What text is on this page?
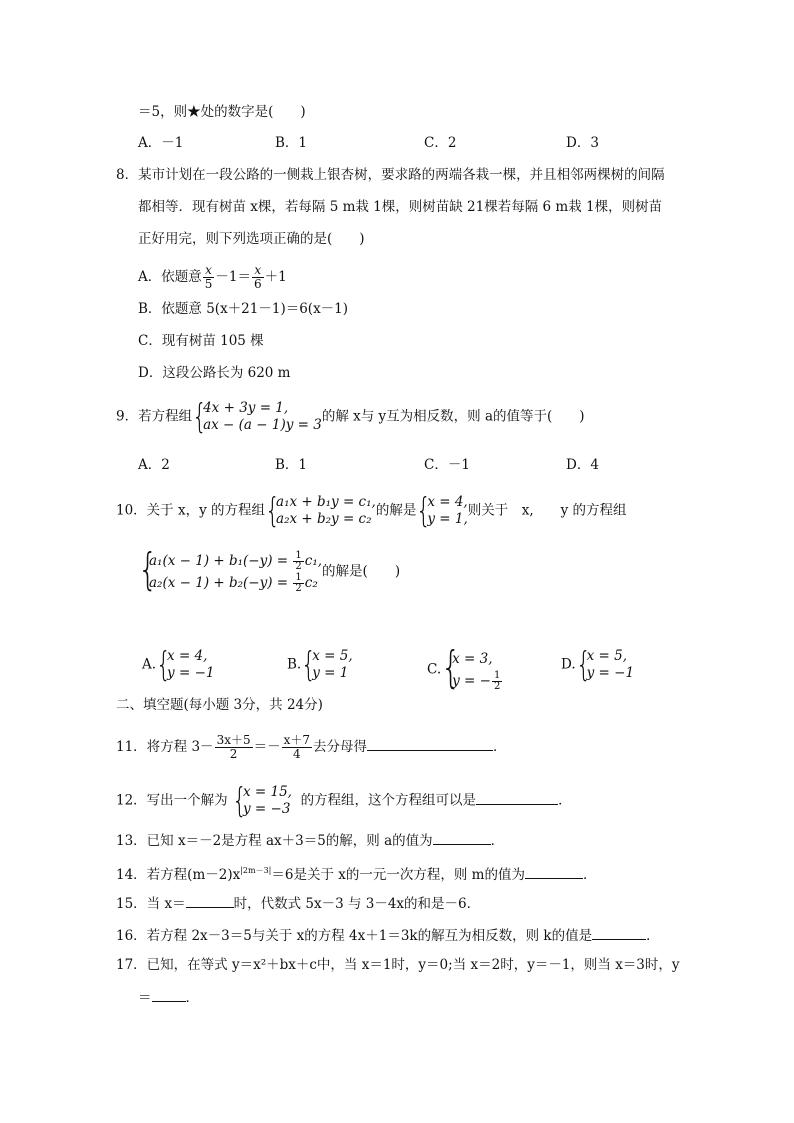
＝5，则★处的数字是(　　)
A．－1	B．1	C．2	D．3
8．某市计划在一段公路的一侧栽上银杏树，要求路的两端各栽一棵，并且相邻两棵树的间隔
都相等．现有树苗 x棵，若每隔 5 m栽 1棵，则树苗缺 21棵若每隔 6 m栽 1棵，则树苗
正好用完，则下列选项正确的是(　　)
A．依题意 $\frac{x}{5} -1= \frac{x}{6} +1$
B．依题意 5(x＋21－1)＝6(x－1)
C．现有树苗 105 棵
D．这段公路长为 620 m
9．若方程组 {
4x + 3y = 1,
ax − (a − 1)y = 3
的解 x与 y互为相反数，则 a的值等于(　　)
A．2	B．1	C．－1	D．4
10．关于 x，y 的方程组 {
a₁x + b₁y = c₁,
a₂x + b₂y = c₂
的解是 {
x = 4,
y = 1,
则关于　x,　　y 的方程组
{
$a_1(x - 1) + b_1(-y) = \frac{1}{2} c_1$,
$a_2(x - 1) + b_2(-y) = \frac{1}{2} c_2$
的解是(　　)
A. {
x = 4,
y = −1
B. {
x = 5,
y = 1	C. {
x = 3,
y = − $\frac{1}{2}$
D. {
x = 5,
y = −1
二、填空题(每小题 3分，共 24分)
11．将方程 $3- \frac{3x+5}{2} =- \frac{x+7}{4}$ 去分母得	．
12．写出一个解为 {
x = 15,
y = −3
的方程组，这个方程组可以是	．
13．已知 x＝－2是方程 ax＋3＝5的解，则 a的值为	．
14．若方程$(m-2)x^{|2m-3|}=6$是关于 x的一元一次方程，则 m的值为	．
15．当 x＝	时，代数式 5x－3 与 3－4x的和是－6．
16．若方程 2x－3＝5与关于 x的方程 4x＋1＝3k的解互为相反数，则 k的值是	．
17．已知，在等式 y＝x²＋bx＋c中，当 x＝1时，y＝0;当 x＝2时，y＝－1，则当 x＝3时，y
＝	．
